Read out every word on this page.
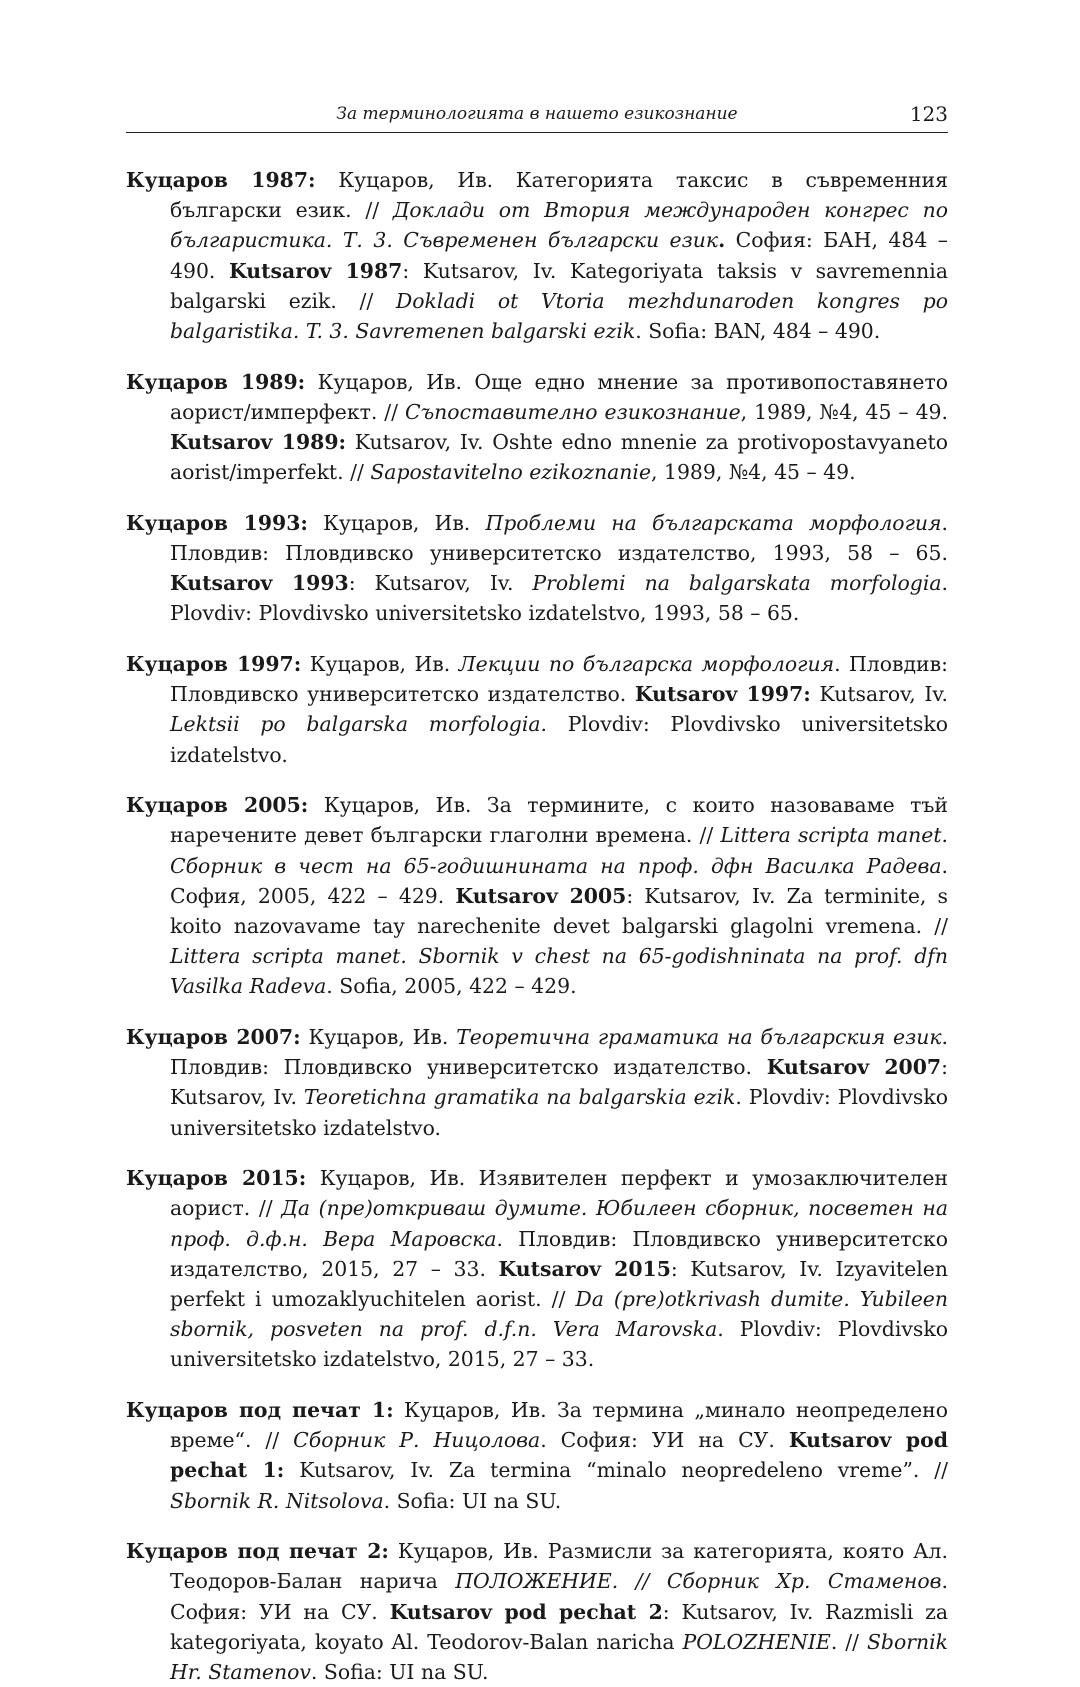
За терминологията в нашето езикознание	123

Куцаров 1987: Куцаров, Ив. Категорията таксис в съвременния български език. // Доклади от Втория международен конгрес по българистика. Т. 3. Съвременен български език. София: БАН, 484 – 490. Kutsarov 1987: Kutsarov, Iv. Kategoriyata taksis v savremennia balgarski ezik. // Dokladi ot Vtoria mezhdunaroden kongres po balgaristika. T. 3. Savremenen balgarski ezik. Sofia: BAN, 484 – 490.

Куцаров 1989: Куцаров, Ив. Още едно мнение за противопоставянето аорист/имперфект. // Съпоставително езикознание, 1989, №4, 45 – 49. Kutsarov 1989: Kutsarov, Iv. Oshte edno mnenie za protivopostavyaneto aorist/imperfekt. // Sapostavitelno ezikoznanie, 1989, №4, 45 – 49.

Куцаров 1993: Куцаров, Ив. Проблеми на българската морфология. Пловдив: Пловдивско университетско издателство, 1993, 58 – 65. Kutsarov 1993: Kutsarov, Iv. Problemi na balgarskata morfologia. Plovdiv: Plovdivsko universitetsko izdatelstvo, 1993, 58 – 65.

Куцаров 1997: Куцаров, Ив. Лекции по българска морфология. Пловдив: Пловдивско университетско издателство. Kutsarov 1997: Kutsarov, Iv. Lektsii po balgarska morfologia. Plovdiv: Plovdivsko universitetsko izdatelstvo.

Куцаров 2005: Куцаров, Ив. За термините, с които назоваваме тъй наречените девет български глаголни времена. // Littera scripta manet. Сборник в чест на 65-годишнината на проф. дфн Василка Радева. София, 2005, 422 – 429. Kutsarov 2005: Kutsarov, Iv. Za terminite, s koito nazovavame tay narechenite devet balgarski glagolni vremena. // Littera scripta manet. Sbornik v chest na 65-godishninata na prof. dfn Vasilka Radeva. Sofia, 2005, 422 – 429.

Куцаров 2007: Куцаров, Ив. Теоретична граматика на българския език. Пловдив: Пловдивско университетско издателство. Kutsarov 2007: Kutsarov, Iv. Teoretichna gramatika na balgarskia ezik. Plovdiv: Plovdivsko universitetsko izdatelstvo.

Куцаров 2015: Куцаров, Ив. Изявителен перфект и умозаключителен аорист. // Да (пре)откриваш думите. Юбилеен сборник, посветен на проф. д.ф.н. Вера Маровска. Пловдив: Пловдивско университетско издателство, 2015, 27 – 33. Kutsarov 2015: Kutsarov, Iv. Izyavitelen perfekt i umozaklyuchitelen aorist. // Da (pre)otkrivash dumite. Yubileen sbornik, posveten na prof. d.f.n. Vera Marovska. Plovdiv: Plovdivsko universitetsko izdatelstvo, 2015, 27 – 33.

Куцаров под печат 1: Куцаров, Ив. За термина „минало неопределено време“. // Сборник Р. Ницолова. София: УИ на СУ. Kutsarov pod pechat 1: Kutsarov, Iv. Za termina “minalo neopredeleno vreme”. // Sbornik R. Nitsolova. Sofia: UI na SU.

Куцаров под печат 2: Куцаров, Ив. Размисли за категорията, която Ал. Теодоров-Балан нарича ПОЛОЖЕНИЕ. // Сборник Хр. Стаменов. София: УИ на СУ. Kutsarov pod pechat 2: Kutsarov, Iv. Razmisli za kategoriyata, koyato Al. Teodorov-Balan naricha POLOZHENIE. // Sbornik Hr. Stamenov. Sofia: UI na SU.
